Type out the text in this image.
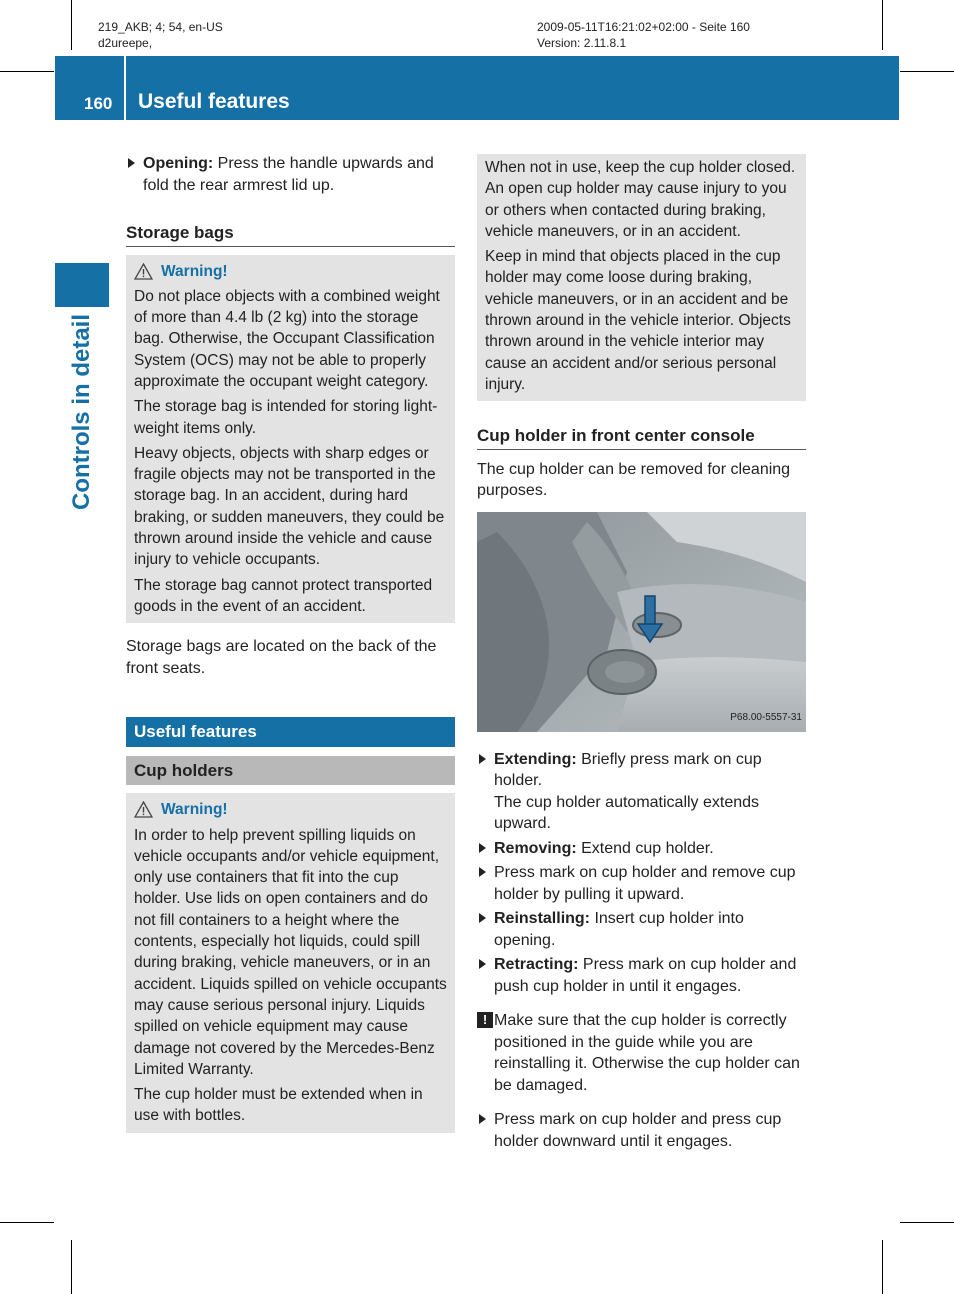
219_AKB; 4; 54, en-US
d2ureepe,
2009-05-11T16:21:02+02:00 - Seite 160
Version: 2.11.8.1
160 Useful features
Controls in detail

Opening: Press the handle upwards and fold the rear armrest lid up.

Storage bags
Warning!

Do not place objects with a combined weight of more than 4.4 lb (2 kg) into the storage bag. Otherwise, the Occupant Classification System (OCS) may not be able to properly approximate the occupant weight category.

The storage bag is intended for storing light-weight items only.

Heavy objects, objects with sharp edges or fragile objects may not be transported in the storage bag. In an accident, during hard braking, or sudden maneuvers, they could be thrown around inside the vehicle and cause injury to vehicle occupants.

The storage bag cannot protect transported goods in the event of an accident.

Storage bags are located on the back of the front seats.

Useful features
Cup holders
Warning!

In order to help prevent spilling liquids on vehicle occupants and/or vehicle equipment, only use containers that fit into the cup holder. Use lids on open containers and do not fill containers to a height where the contents, especially hot liquids, could spill during braking, vehicle maneuvers, or in an accident. Liquids spilled on vehicle occupants may cause serious personal injury. Liquids spilled on vehicle equipment may cause damage not covered by the Mercedes-Benz Limited Warranty.

The cup holder must be extended when in use with bottles.

When not in use, keep the cup holder closed. An open cup holder may cause injury to you or others when contacted during braking, vehicle maneuvers, or in an accident.

Keep in mind that objects placed in the cup holder may come loose during braking, vehicle maneuvers, or in an accident and be thrown around in the vehicle interior. Objects thrown around in the vehicle interior may cause an accident and/or serious personal injury.

Cup holder in front center console

The cup holder can be removed for cleaning purposes.

P68.00-5557-31

Extending: Briefly press mark on cup holder.
The cup holder automatically extends upward.

Removing: Extend cup holder.

Press mark on cup holder and remove cup holder by pulling it upward.

Reinstalling: Insert cup holder into opening.

Retracting: Press mark on cup holder and push cup holder in until it engages.

! Make sure that the cup holder is correctly positioned in the guide while you are reinstalling it. Otherwise the cup holder can be damaged.

Press mark on cup holder and press cup holder downward until it engages.
